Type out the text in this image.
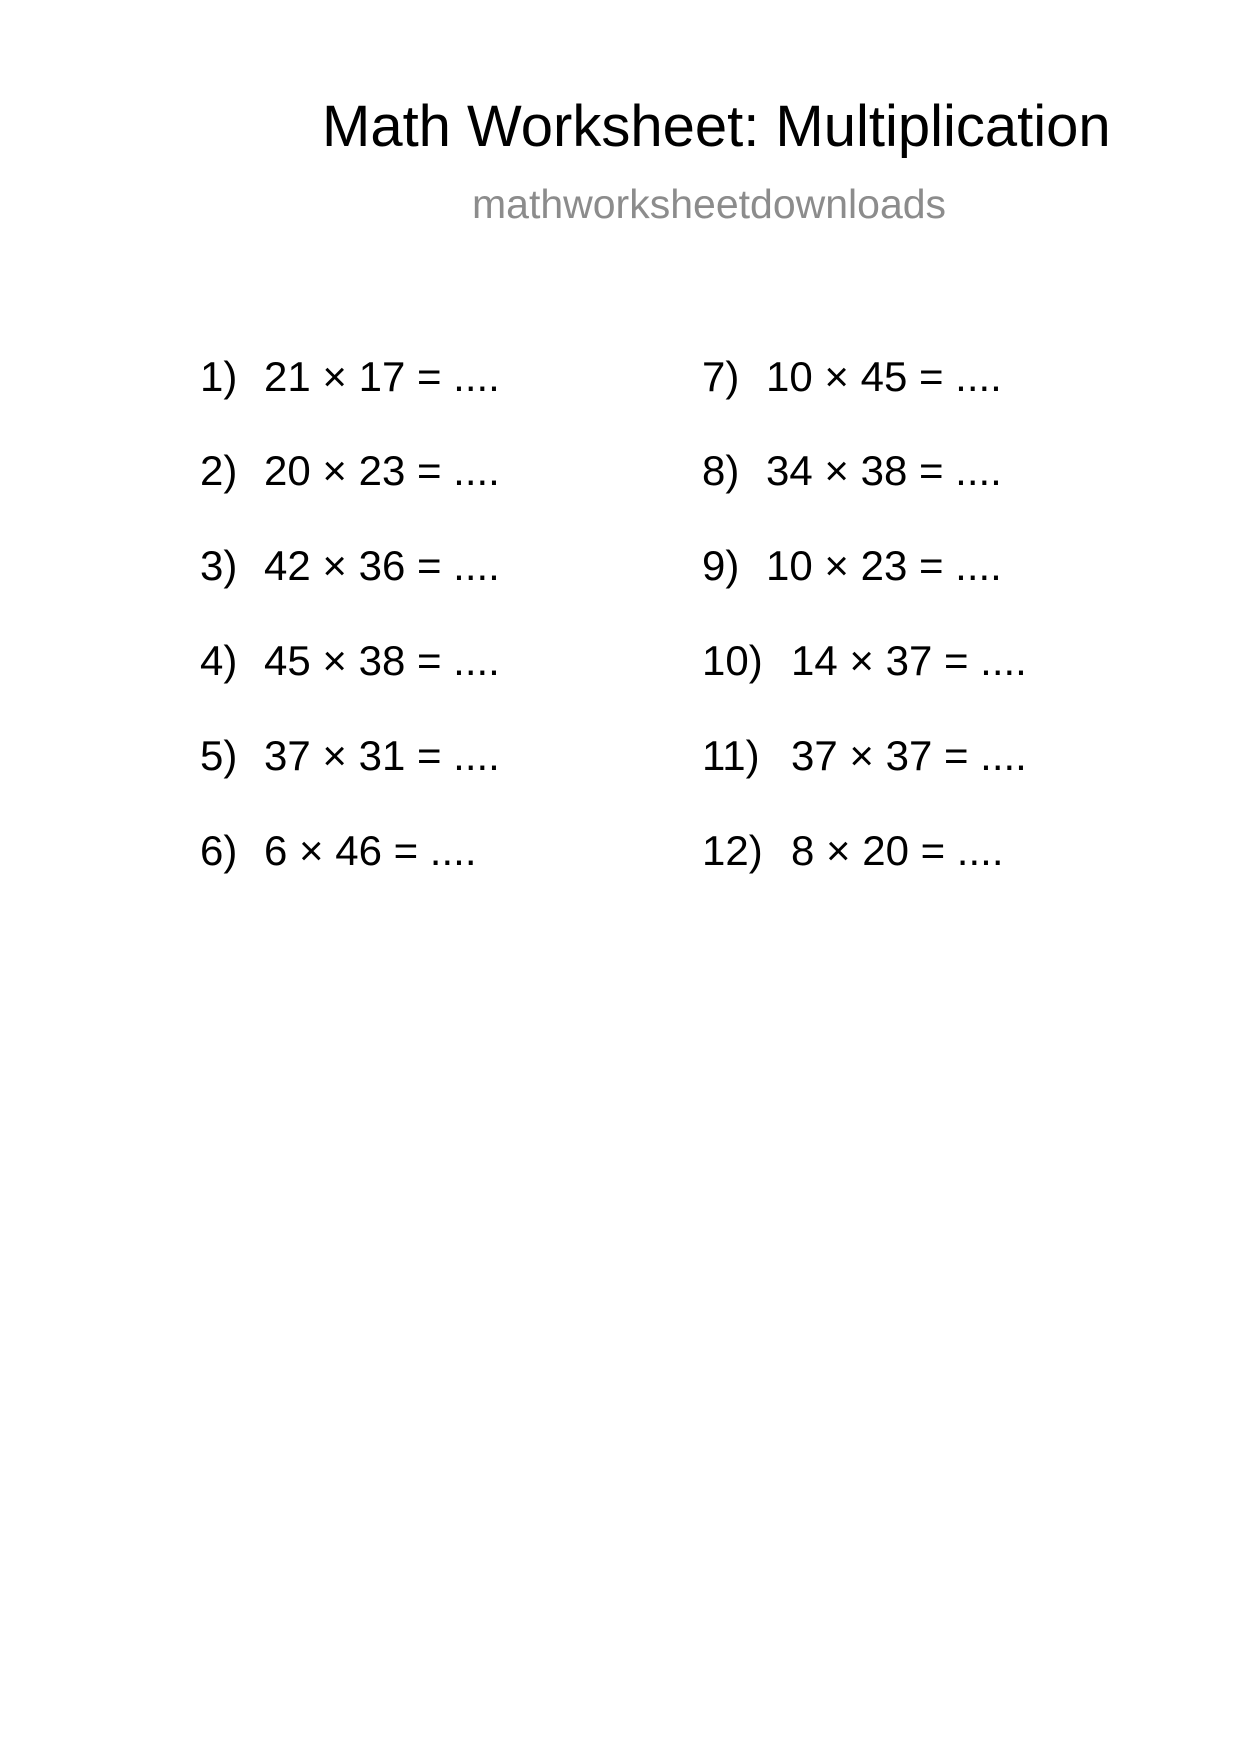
Math Worksheet: Multiplication
mathworksheetdownloads
1) 21 × 17 = ....
2) 20 × 23 = ....
3) 42 × 36 = ....
4) 45 × 38 = ....
5) 37 × 31 = ....
6) 6 × 46 = ....
7) 10 × 45 = ....
8) 34 × 38 = ....
9) 10 × 23 = ....
10) 14 × 37 = ....
11) 37 × 37 = ....
12) 8 × 20 = ....
